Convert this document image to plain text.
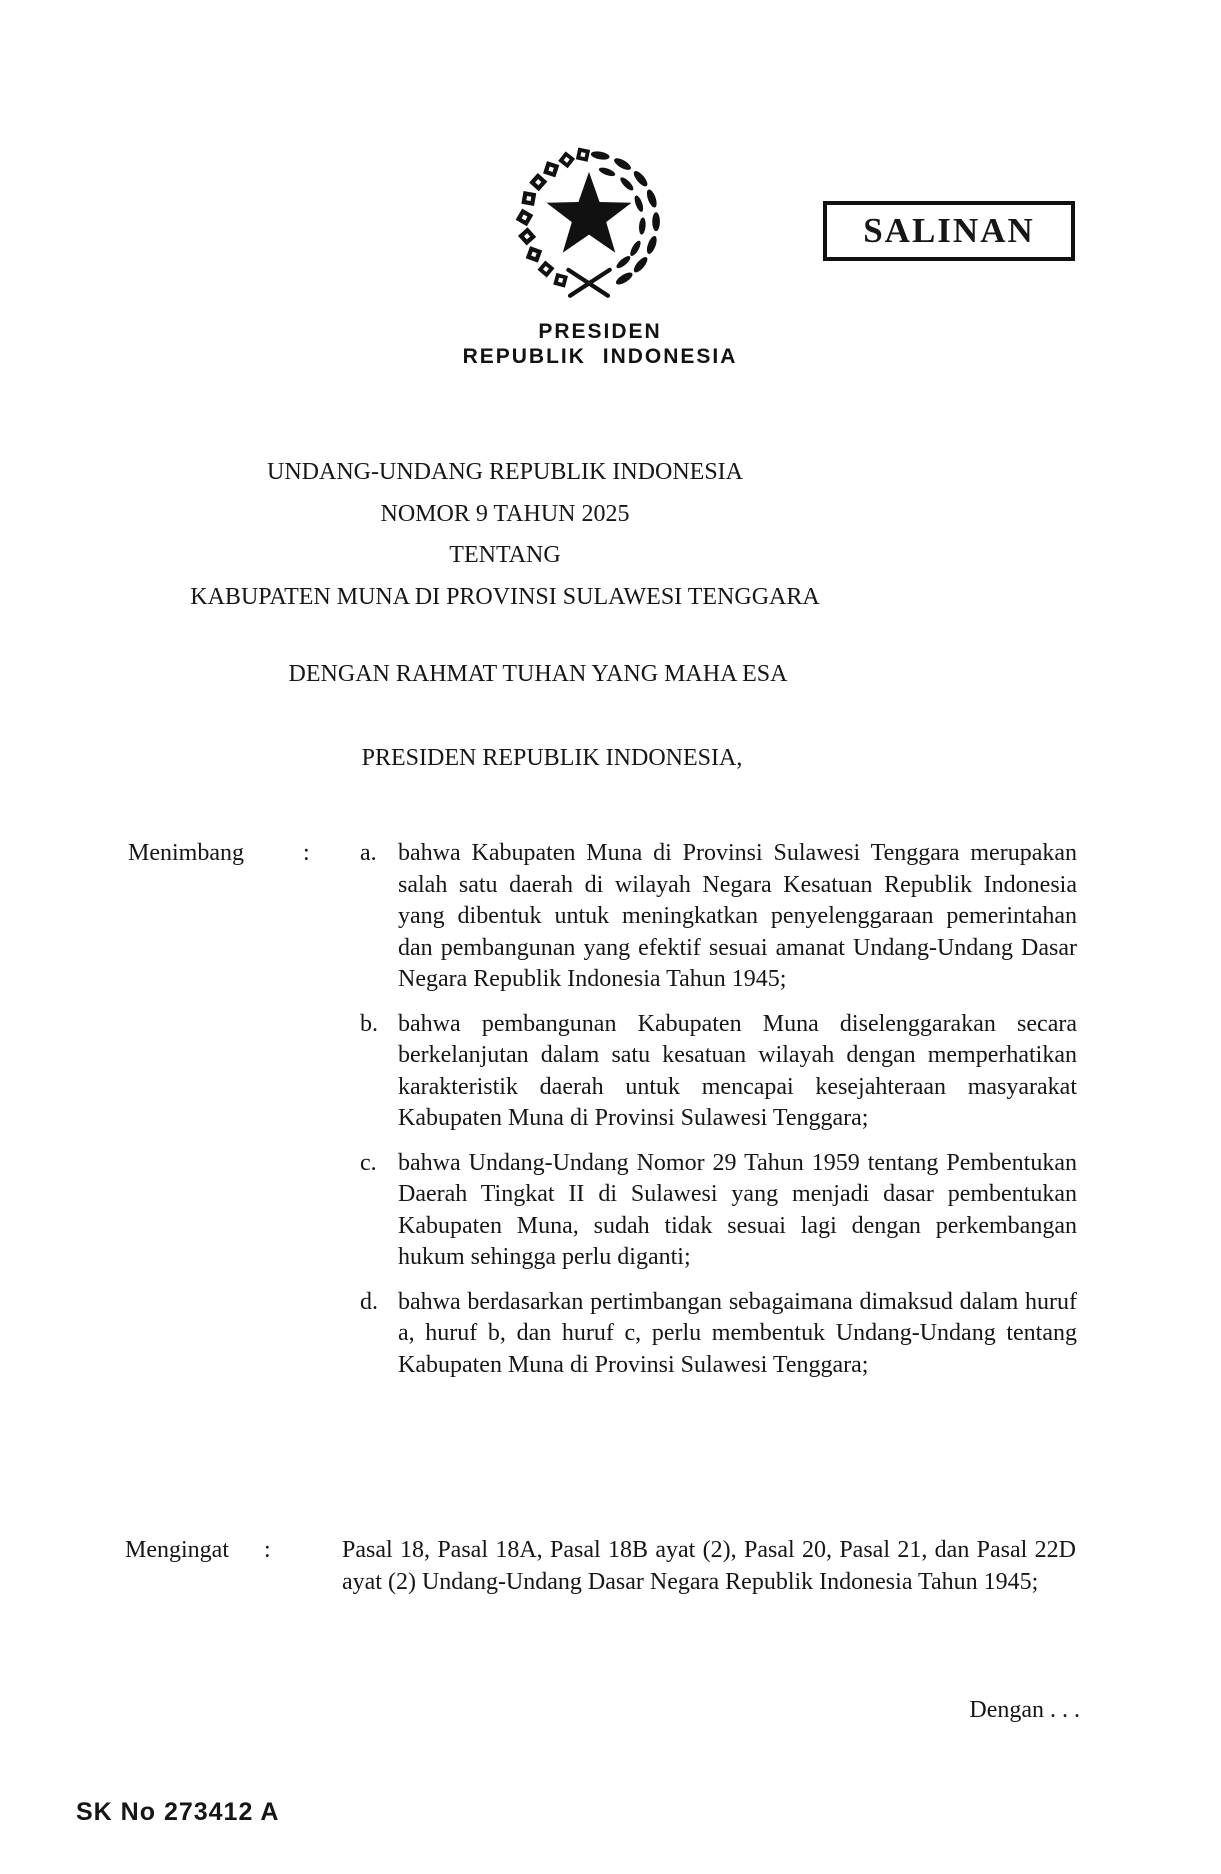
SALINAN
PRESIDEN
REPUBLIK INDONESIA
UNDANG-UNDANG REPUBLIK INDONESIA
NOMOR 9 TAHUN 2025
TENTANG
KABUPATEN MUNA DI PROVINSI SULAWESI TENGGARA
DENGAN RAHMAT TUHAN YANG MAHA ESA
PRESIDEN REPUBLIK INDONESIA,
Menimbang : a. bahwa Kabupaten Muna di Provinsi Sulawesi Tenggara merupakan salah satu daerah di wilayah Negara Kesatuan Republik Indonesia yang dibentuk untuk meningkatkan penyelenggaraan pemerintahan dan pembangunan yang efektif sesuai amanat Undang-Undang Dasar Negara Republik Indonesia Tahun 1945;

b. bahwa pembangunan Kabupaten Muna diselenggarakan secara berkelanjutan dalam satu kesatuan wilayah dengan memperhatikan karakteristik daerah untuk mencapai kesejahteraan masyarakat Kabupaten Muna di Provinsi Sulawesi Tenggara;

c. bahwa Undang-Undang Nomor 29 Tahun 1959 tentang Pembentukan Daerah Tingkat II di Sulawesi yang menjadi dasar pembentukan Kabupaten Muna, sudah tidak sesuai lagi dengan perkembangan hukum sehingga perlu diganti;

d. bahwa berdasarkan pertimbangan sebagaimana dimaksud dalam huruf a, huruf b, dan huruf c, perlu membentuk Undang-Undang tentang Kabupaten Muna di Provinsi Sulawesi Tenggara;

Mengingat :	Pasal 18, Pasal 18A, Pasal 18B ayat (2), Pasal 20, Pasal 21, dan Pasal 22D ayat (2) Undang-Undang Dasar Negara Republik Indonesia Tahun 1945;

Dengan . . .
SK No 273412 A
